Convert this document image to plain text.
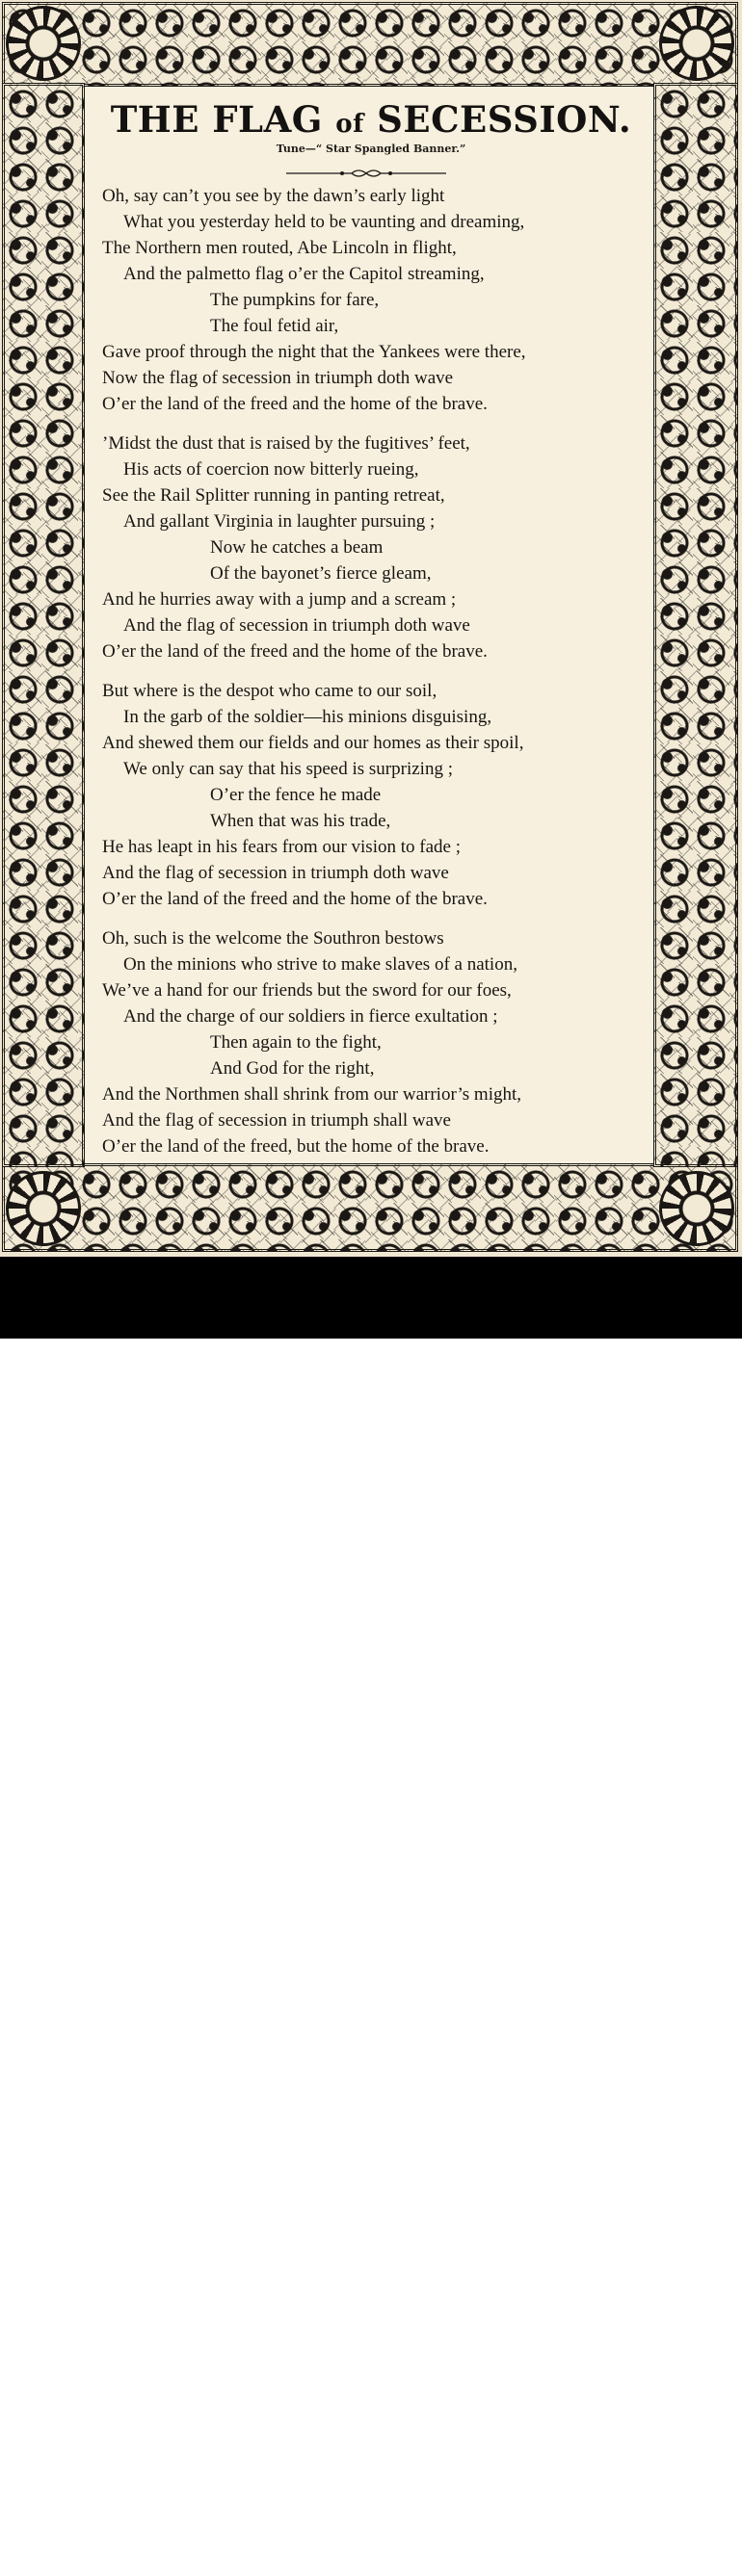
THE FLAG of SECESSION.
Tune—“ Star Spangled Banner.”
Oh, say can’t you see by the dawn’s early light
What you yesterday held to be vaunting and dreaming,
The Northern men routed, Abe Lincoln in flight,
And the palmetto flag o’er the Capitol streaming,
The pumpkins for fare,
The foul fetid air,
Gave proof through the night that the Yankees were there,
Now the flag of secession in triumph doth wave
O’er the land of the freed and the home of the brave.
’Midst the dust that is raised by the fugitives’ feet,
His acts of coercion now bitterly rueing,
See the Rail Splitter running in panting retreat,
And gallant Virginia in laughter pursuing ;
Now he catches a beam
Of the bayonet’s fierce gleam,
And he hurries away with a jump and a scream ;
And the flag of secession in triumph doth wave
O’er the land of the freed and the home of the brave.
But where is the despot who came to our soil,
In the garb of the soldier—his minions disguising,
And shewed them our fields and our homes as their spoil,
We only can say that his speed is surprizing ;
O’er the fence he made
When that was his trade,
He has leapt in his fears from our vision to fade ;
And the flag of secession in triumph doth wave
O’er the land of the freed and the home of the brave.
Oh, such is the welcome the Southron bestows
On the minions who strive to make slaves of a nation,
We’ve a hand for our friends but the sword for our foes,
And the charge of our soldiers in fierce exultation ;
Then again to the fight,
And God for the right,
And the Northmen shall shrink from our warrior’s might,
And the flag of secession in triumph shall wave
O’er the land of the freed, but the home of the brave.
alamy	Image ID: K27H38
www.alamy.com
